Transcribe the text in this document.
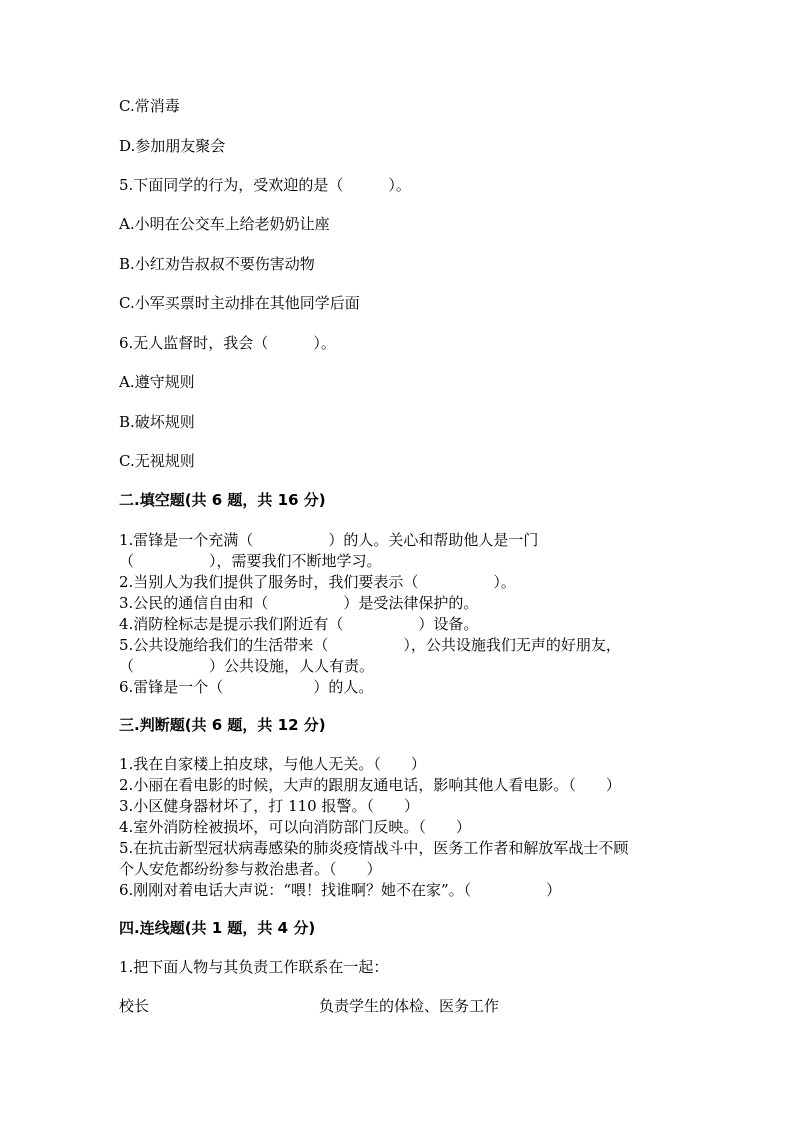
C.常消毒

D.参加朋友聚会

5.下面同学的行为，受欢迎的是（　　　）。

A.小明在公交车上给老奶奶让座

B.小红劝告叔叔不要伤害动物

C.小军买票时主动排在其他同学后面

6.无人监督时，我会（　　　）。

A.遵守规则

B.破坏规则

C.无视规则

二.填空题(共 6 题，共 16 分)

1.雷锋是一个充满（　　　　　）的人。关心和帮助他人是一门

（　　　　　），需要我们不断地学习。

2.当别人为我们提供了服务时，我们要表示（　　　　　）。

3.公民的通信自由和（　　　　　）是受法律保护的。

4.消防栓标志是提示我们附近有（　　　　　）设备。

5.公共设施给我们的生活带来（　　　　　），公共设施我们无声的好朋友，

（　　　　　）公共设施，人人有责。

6.雷锋是一个（　　　　　　）的人。

三.判断题(共 6 题，共 12 分)

1.我在自家楼上拍皮球，与他人无关。（　　）

2.小丽在看电影的时候，大声的跟朋友通电话，影响其他人看电影。（　　）

3.小区健身器材坏了，打 110 报警。（　　）

4.室外消防栓被损坏，可以向消防部门反映。（　　）

5.在抗击新型冠状病毒感染的肺炎疫情战斗中，医务工作者和解放军战士不顾

个人安危都纷纷参与救治患者。（　　）

6.刚刚对着电话大声说：“喂！找谁啊？她不在家”。（　　　　　）

四.连线题(共 1 题，共 4 分)

1.把下面人物与其负责工作联系在一起：

校长	负责学生的体检、医务工作
